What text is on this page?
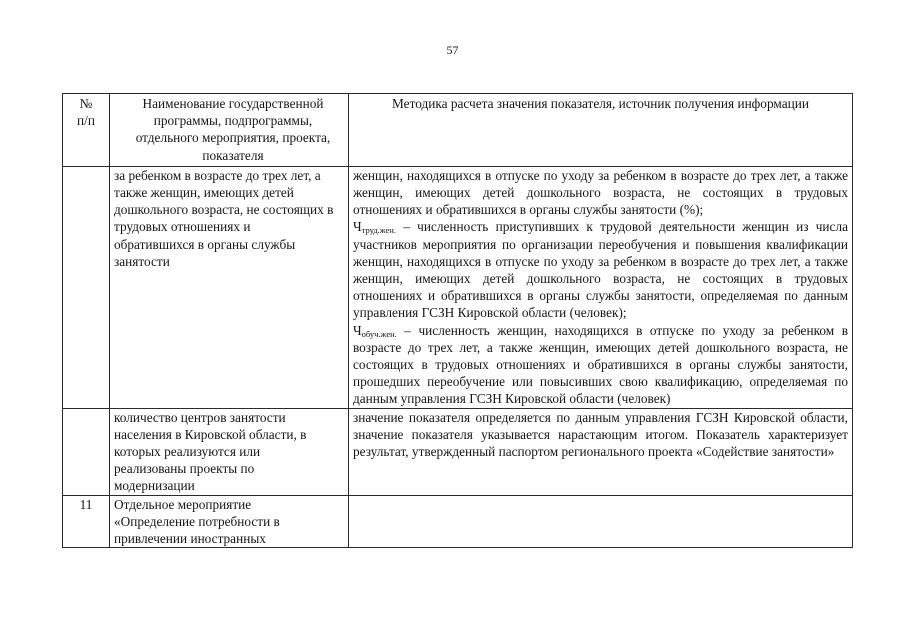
57
№ п/п	Наименование государственной программы, подпрограммы, отдельного мероприятия, проекта, показателя	Методика расчета значения показателя, источник получения информации
	за ребенком в возрасте до трех лет, а также женщин, имеющих детей дошкольного возраста, не состоящих в трудовых отношениях и обратившихся в органы службы занятости	женщин, находящихся в отпуске по уходу за ребенком в возрасте до трех лет, а также женщин, имеющих детей дошкольного возраста, не состоящих в трудовых отношениях и обратившихся в органы службы занятости (%);
$Ч_{труд.жен.}$ – численность приступивших к трудовой деятельности женщин из числа участников мероприятия по организации переобучения и повышения квалификации женщин, находящихся в отпуске по уходу за ребенком в возрасте до трех лет, а также женщин, имеющих детей дошкольного возраста, не состоящих в трудовых отношениях и обратившихся в органы службы занятости, определяемая по данным управления ГСЗН Кировской области (человек);
$Ч_{обуч.жен.}$ – численность женщин, находящихся в отпуске по уходу за ребенком в возрасте до трех лет, а также женщин, имеющих детей дошкольного возраста, не состоящих в трудовых отношениях и обратившихся в органы службы занятости, прошедших переобучение или повысивших свою квалификацию, определяемая по данным управления ГСЗН Кировской области (человек)

	количество центров занятости населения в Кировской области, в которых реализуются или реализованы проекты по модернизации	значение показателя определяется по данным управления ГСЗН Кировской области, значение показателя указывается нарастающим итогом. Показатель характеризует результат, утвержденный паспортом регионального проекта «Содействие занятости»
11	Отдельное мероприятие «Определение потребности в привлечении иностранных	
